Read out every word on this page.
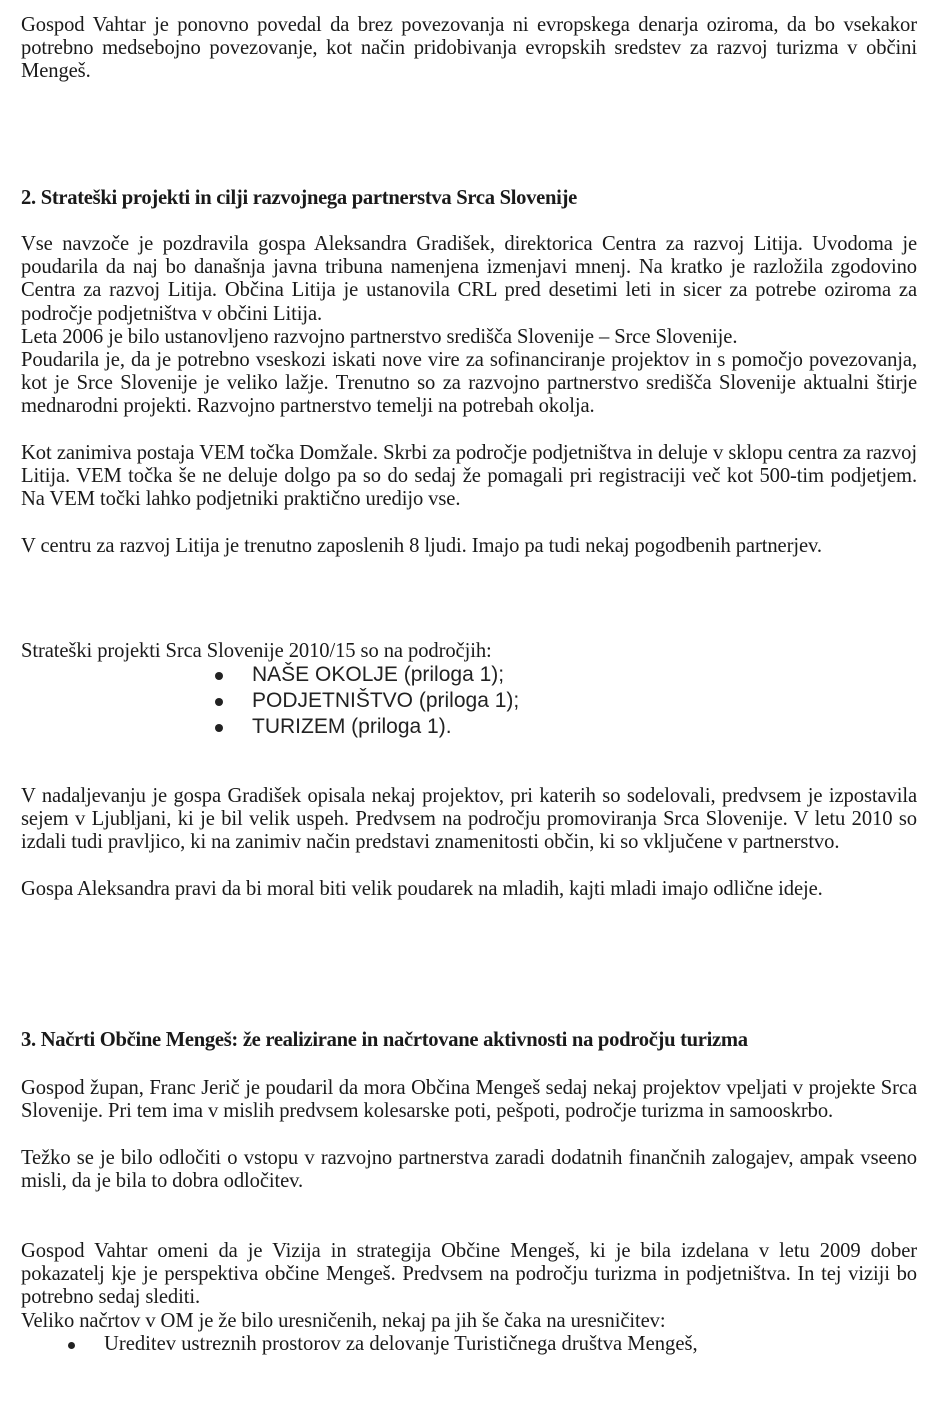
Gospod Vahtar je ponovno povedal da brez povezovanja ni evropskega denarja oziroma, da bo vsekakor potrebno medsebojno povezovanje, kot način pridobivanja evropskih sredstev za razvoj turizma v občini Mengeš.

2. Strateški projekti in cilji razvojnega partnerstva Srca Slovenije

Vse navzoče je pozdravila gospa Aleksandra Gradišek, direktorica Centra za razvoj Litija. Uvodoma je poudarila da naj bo današnja javna tribuna namenjena izmenjavi mnenj. Na kratko je razložila zgodovino Centra za razvoj Litija. Občina Litija je ustanovila CRL pred desetimi leti in sicer za potrebe oziroma za področje podjetništva v občini Litija.

Leta 2006 je bilo ustanovljeno razvojno partnerstvo središča Slovenije – Srce Slovenije.

Poudarila je, da je potrebno vseskozi iskati nove vire za sofinanciranje projektov in s pomočjo povezovanja, kot je Srce Slovenije je veliko lažje. Trenutno so za razvojno partnerstvo središča Slovenije aktualni štirje mednarodni projekti. Razvojno partnerstvo temelji na potrebah okolja.

Kot zanimiva postaja VEM točka Domžale. Skrbi za področje podjetništva in deluje v sklopu centra za razvoj Litija. VEM točka še ne deluje dolgo pa so do sedaj že pomagali pri registraciji več kot 500-tim podjetjem. Na VEM točki lahko podjetniki praktično uredijo vse.

V centru za razvoj Litija je trenutno zaposlenih 8 ljudi. Imajo pa tudi nekaj pogodbenih partnerjev.

Strateški projekti Srca Slovenije 2010/15 so na področjih:

NAŠE OKOLJE (priloga 1);
PODJETNIŠTVO (priloga 1);
TURIZEM (priloga 1).

V nadaljevanju je gospa Gradišek opisala nekaj projektov, pri katerih so sodelovali, predvsem je izpostavila sejem v Ljubljani, ki je bil velik uspeh. Predvsem na področju promoviranja Srca Slovenije. V letu 2010 so izdali tudi pravljico, ki na zanimiv način predstavi znamenitosti občin, ki so vključene v partnerstvo.

Gospa Aleksandra pravi da bi moral biti velik poudarek na mladih, kajti mladi imajo odlične ideje.

3. Načrti Občine Mengeš: že realizirane in načrtovane aktivnosti na področju turizma

Gospod župan, Franc Jerič je poudaril da mora Občina Mengeš sedaj nekaj projektov vpeljati v projekte Srca Slovenije. Pri tem ima v mislih predvsem kolesarske poti, pešpoti, področje turizma in samooskrbo.

Težko se je bilo odločiti o vstopu v razvojno partnerstva zaradi dodatnih finančnih zalogajev, ampak vseeno misli, da je bila to dobra odločitev.

Gospod Vahtar omeni da je Vizija in strategija Občine Mengeš, ki je bila izdelana v letu 2009 dober pokazatelj kje je perspektiva občine Mengeš. Predvsem na področju turizma in podjetništva. In tej viziji bo potrebno sedaj slediti.

Veliko načrtov v OM je že bilo uresničenih, nekaj pa jih še čaka na uresničitev:

Ureditev ustreznih prostorov za delovanje Turističnega društva Mengeš,
